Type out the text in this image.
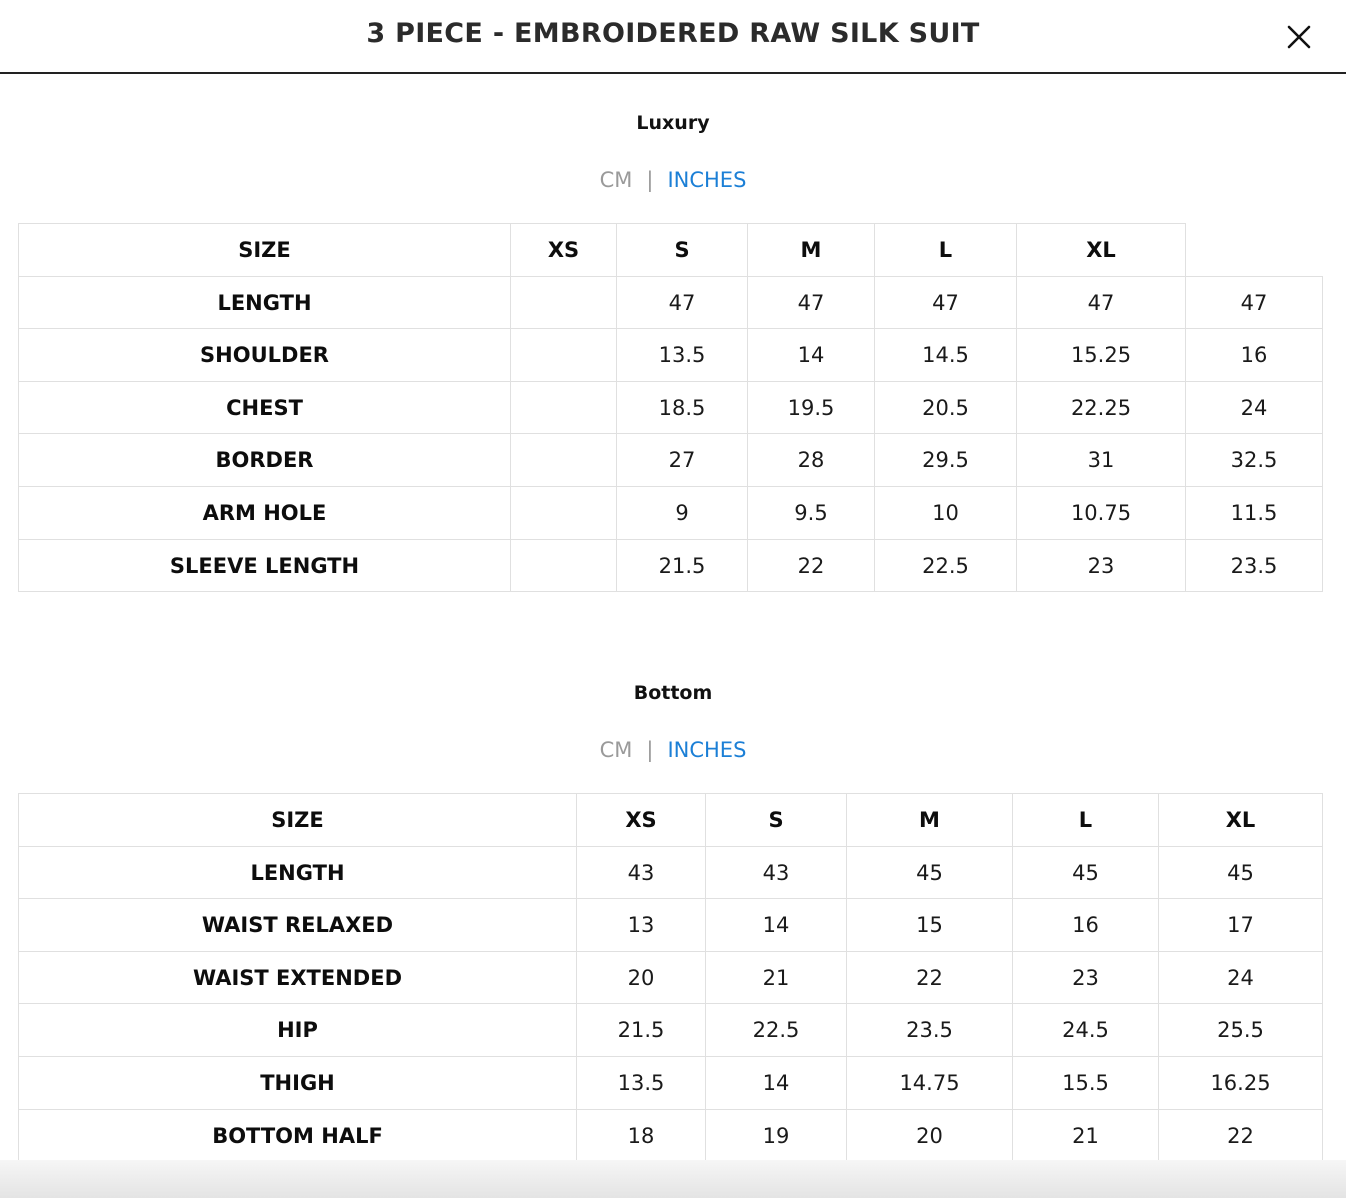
3 PIECE - EMBROIDERED RAW SILK SUIT
Luxury
CM | INCHES
SIZE	XS	S	M	L	XL
LENGTH	47	47	47	47	47
SHOULDER	13.5	14	14.5	15.25	16
CHEST	18.5	19.5	20.5	22.25	24
BORDER	27	28	29.5	31	32.5
ARM HOLE	9	9.5	10	10.75	11.5
SLEEVE LENGTH	21.5	22	22.5	23	23.5
Bottom
CM | INCHES
SIZE	XS	S	M	L	XL
LENGTH	43	43	45	45	45
WAIST RELAXED	13	14	15	16	17
WAIST EXTENDED	20	21	22	23	24
HIP	21.5	22.5	23.5	24.5	25.5
THIGH	13.5	14	14.75	15.5	16.25
BOTTOM HALF	18	19	20	21	22
